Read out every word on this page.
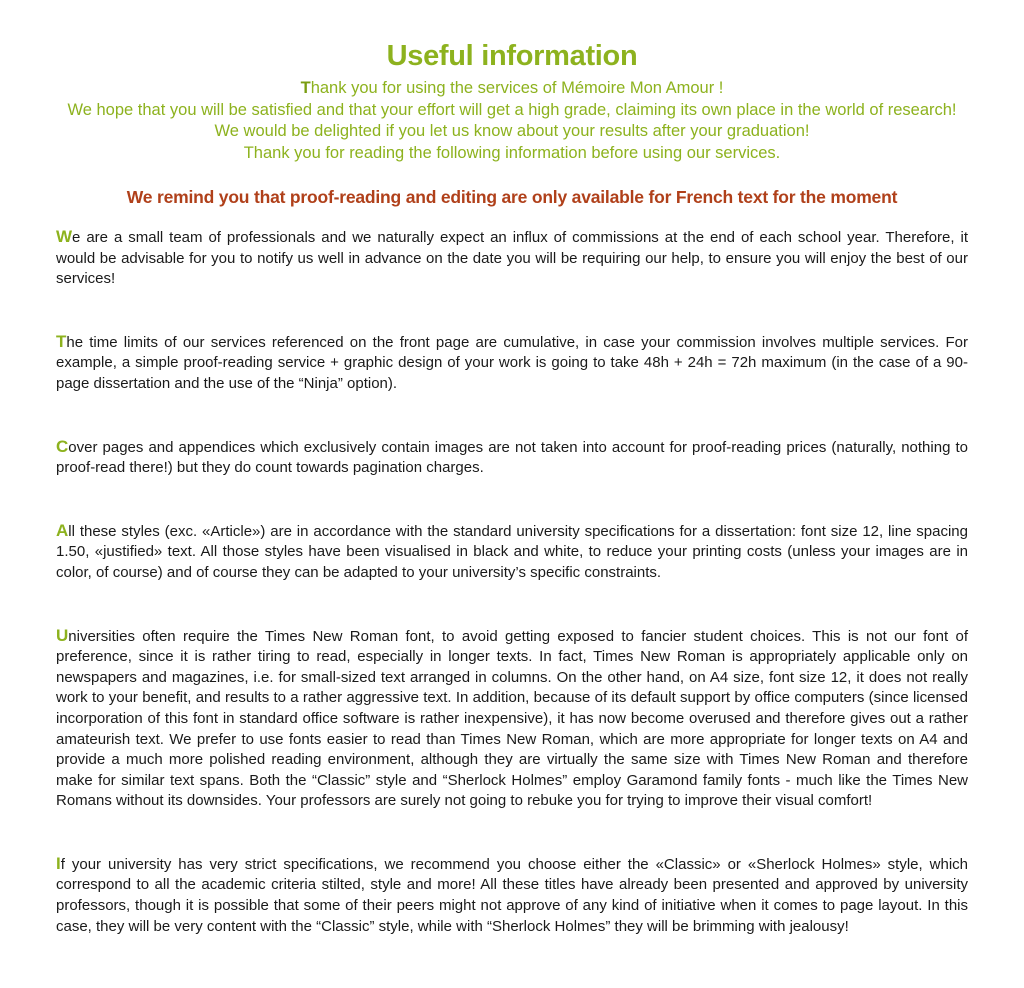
Useful information

Thank you for using the services of Mémoire Mon Amour !
We hope that you will be satisfied and that your effort will get a high grade, claiming its own place in the world of research! We would be delighted if you let us know about your results after your graduation!
Thank you for reading the following information before using our services.

We remind you that proof-reading and editing are only available for French text for the moment

We are a small team of professionals and we naturally expect an influx of commissions at the end of each school year. Therefore, it would be advisable for you to notify us well in advance on the date you will be requiring our help, to ensure you will enjoy the best of our services!

The time limits of our services referenced on the front page are cumulative, in case your commission involves multiple services. For example, a simple proof-reading service + graphic design of your work is going to take 48h + 24h = 72h maximum (in the case of a 90-page dissertation and the use of the “Ninja” option).

Cover pages and appendices which exclusively contain images are not taken into account for proof-reading prices (naturally, nothing to proof-read there!) but they do count towards pagination charges.

All these styles (exc. «Article») are in accordance with the standard university specifications for a dissertation: font size 12, line spacing 1.50, «justified» text. All those styles have been visualised in black and white, to reduce your printing costs (unless your images are in color, of course) and of course they can be adapted to your university’s specific constraints.

Universities often require the Times New Roman font, to avoid getting exposed to fancier student choices. This is not our font of preference, since it is rather tiring to read, especially in longer texts. In fact, Times New Roman is appropriately applicable only on newspapers and magazines, i.e. for small-sized text arranged in columns. On the other hand, on A4 size, font size 12, it does not really work to your benefit, and results to a rather aggressive text. In addition, because of its default support by office computers (since licensed incorporation of this font in standard office software is rather inexpensive), it has now become overused and therefore gives out a rather amateurish text. We prefer to use fonts easier to read than Times New Roman, which are more appropriate for longer texts on A4 and provide a much more polished reading environment, although they are virtually the same size with Times New Roman and therefore make for similar text spans. Both the “Classic” style and “Sherlock Holmes” employ Garamond family fonts - much like the Times New Romans without its downsides. Your professors are surely not going to rebuke you for trying to improve their visual comfort!

If your university has very strict specifications, we recommend you choose either the «Classic» or «Sherlock Holmes» style, which correspond to all the academic criteria stilted, style and more! All these titles have already been presented and approved by university professors, though it is possible that some of their peers might not approve of any kind of initiative when it comes to page layout. In this case, they will be very content with the “Classic” style, while with “Sherlock Holmes” they will be brimming with jealousy!
